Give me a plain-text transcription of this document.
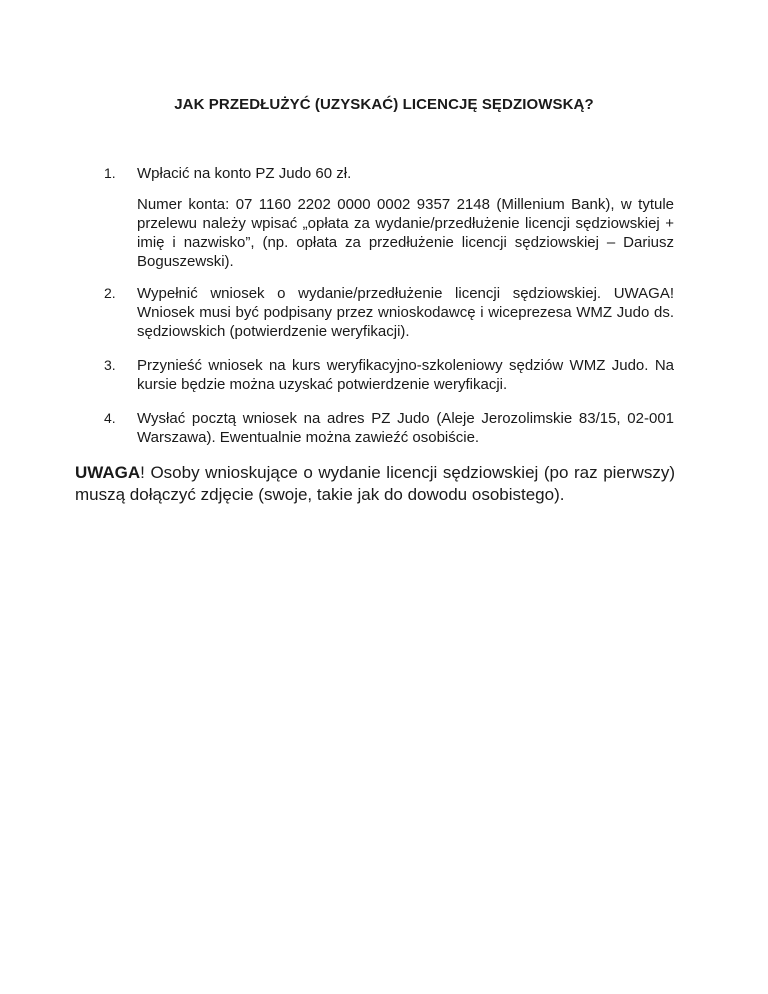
JAK PRZEDŁUŻYĆ (UZYSKAĆ) LICENCJĘ SĘDZIOWSKĄ?
1. Wpłacić na konto PZ Judo 60 zł.

Numer konta: 07 1160 2202 0000 0002 9357 2148 (Millenium Bank), w tytule przelewu należy wpisać „opłata za wydanie/przedłużenie licencji sędziowskiej + imię i nazwisko”, (np. opłata za przedłużenie licencji sędziowskiej – Dariusz Boguszewski).

2. Wypełnić wniosek o wydanie/przedłużenie licencji sędziowskiej. UWAGA! Wniosek musi być podpisany przez wnioskodawcę i wiceprezesa WMZ Judo ds. sędziowskich (potwierdzenie weryfikacji).

3. Przynieść wniosek na kurs weryfikacyjno-szkoleniowy sędziów WMZ Judo. Na kursie będzie można uzyskać potwierdzenie weryfikacji.

4. Wysłać pocztą wniosek na adres PZ Judo (Aleje Jerozolimskie 83/15, 02-001 Warszawa). Ewentualnie można zawieźć osobiście.

UWAGA! Osoby wnioskujące o wydanie licencji sędziowskiej (po raz pierwszy) muszą dołączyć zdjęcie (swoje, takie jak do dowodu osobistego).
